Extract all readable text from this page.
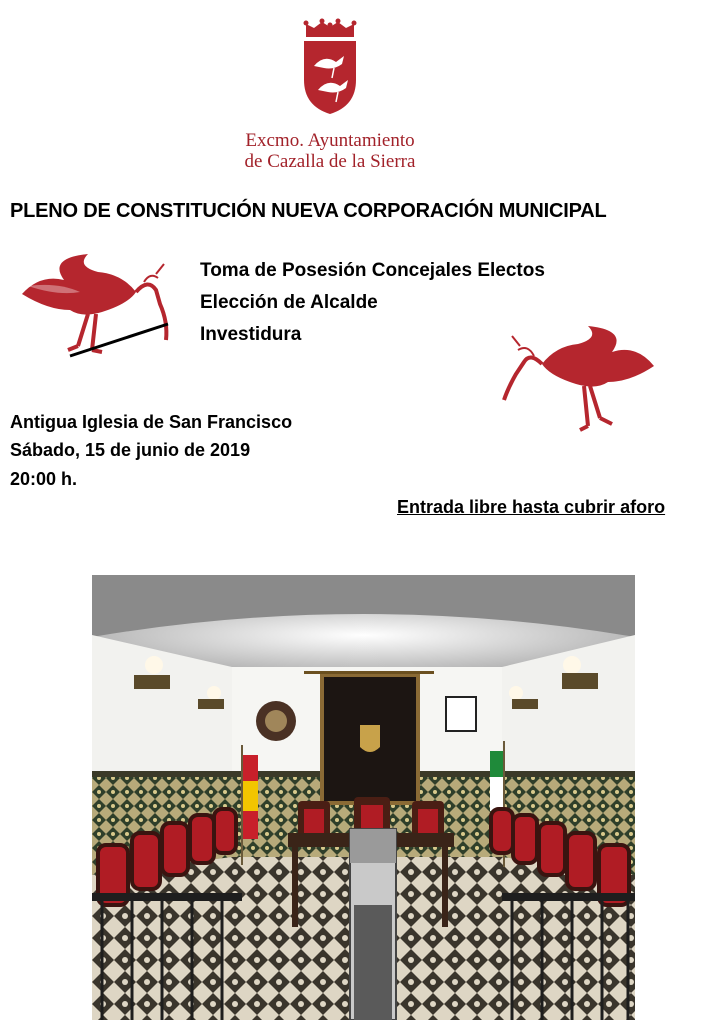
Excmo. Ayuntamiento
de Cazalla de la Sierra
PLENO DE CONSTITUCIÓN NUEVA CORPORACIÓN MUNICIPAL
Toma de Posesión Concejales Electos
Elección de Alcalde
Investidura
Antigua Iglesia de San Francisco
Sábado, 15 de junio de 2019
20:00 h.
Entrada libre hasta cubrir aforo
